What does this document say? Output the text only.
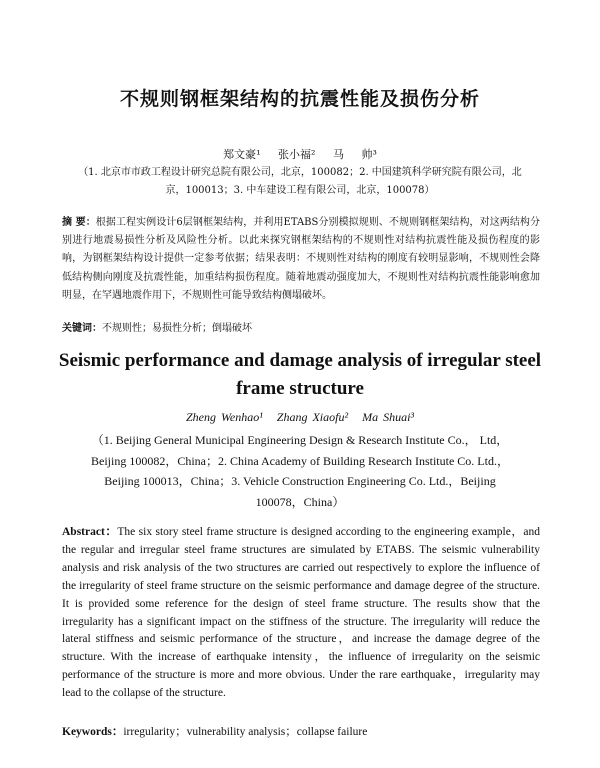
不规则钢框架结构的抗震性能及损伤分析
郑文豪¹ 张小福² 马 帅³
（1. 北京市市政工程设计研究总院有限公司，北京，100082；2. 中国建筑科学研究院有限公司，北京，100013；3. 中车建设工程有限公司，北京，100078）
摘 要：根据工程实例设计6层钢框架结构，并利用ETABS分别模拟规则、不规则钢框架结构，对这两结构分别进行地震易损性分析及风险性分析。以此来探究钢框架结构的不规则性对结构抗震性能及损伤程度的影响，为钢框架结构设计提供一定参考依据；结果表明：不规则性对结构的刚度有较明显影响，不规则性会降低结构侧向刚度及抗震性能，加重结构损伤程度。随着地震动强度加大，不规则性对结构抗震性能影响愈加明显，在罕遇地震作用下，不规则性可能导致结构侧塌破坏。
关键词：不规则性；易损性分析；倒塌破坏
Seismic performance and damage analysis of irregular steel frame structure
Zheng Wenhao¹ Zhang Xiaofu² Ma Shuai³
（1. Beijing General Municipal Engineering Design & Research Institute Co.， Ltd，Beijing 100082，China；2. China Academy of Building Research Institute Co. Ltd.，Beijing 100013，China；3. Vehicle Construction Engineering Co. Ltd.，Beijing 100078，China）
Abstract：The six story steel frame structure is designed according to the engineering example，and the regular and irregular steel frame structures are simulated by ETABS. The seismic vulnerability analysis and risk analysis of the two structures are carried out respectively to explore the influence of the irregularity of steel frame structure on the seismic performance and damage degree of the structure. It is provided some reference for the design of steel frame structure. The results show that the irregularity has a significant impact on the stiffness of the structure. The irregularity will reduce the lateral stiffness and seismic performance of the structure，and increase the damage degree of the structure. With the increase of earthquake intensity，the influence of irregularity on the seismic performance of the structure is more and more obvious. Under the rare earthquake，irregularity may lead to the collapse of the structure.
Keywords：irregularity；vulnerability analysis；collapse failure
